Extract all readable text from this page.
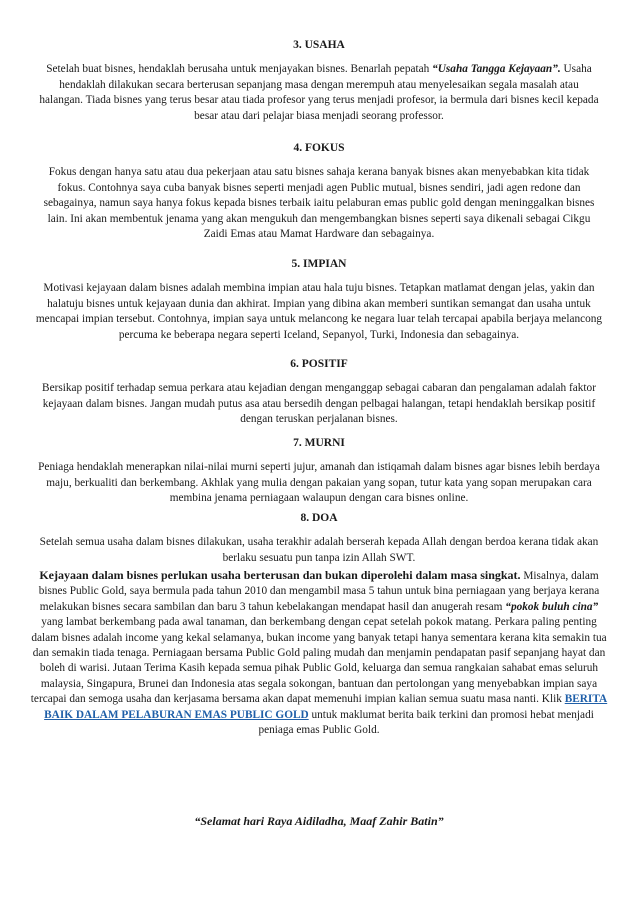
3. USAHA

Setelah buat bisnes, hendaklah berusaha untuk menjayakan bisnes. Benarlah pepatah “Usaha Tangga Kejayaan”. Usaha hendaklah dilakukan secara berterusan sepanjang masa dengan merempuh atau menyelesaikan segala masalah atau halangan. Tiada bisnes yang terus besar atau tiada profesor yang terus menjadi profesor, ia bermula dari bisnes kecil kepada besar atau dari pelajar biasa menjadi seorang professor.

4. FOKUS

Fokus dengan hanya satu atau dua pekerjaan atau satu bisnes sahaja kerana banyak bisnes akan menyebabkan kita tidak fokus. Contohnya saya cuba banyak bisnes seperti menjadi agen Public mutual, bisnes sendiri, jadi agen redone dan sebagainya, namun saya hanya fokus kepada bisnes terbaik iaitu pelaburan emas public gold dengan meninggalkan bisnes lain. Ini akan membentuk jenama yang akan mengukuh dan mengembangkan bisnes seperti saya dikenali sebagai Cikgu Zaidi Emas atau Mamat Hardware dan sebagainya.

5. IMPIAN

Motivasi kejayaan dalam bisnes adalah membina impian atau hala tuju bisnes. Tetapkan matlamat dengan jelas, yakin dan halatuju bisnes untuk kejayaan dunia dan akhirat. Impian yang dibina akan memberi suntikan semangat dan usaha untuk mencapai impian tersebut. Contohnya, impian saya untuk melancong ke negara luar telah tercapai apabila berjaya melancong percuma ke beberapa negara seperti Iceland, Sepanyol, Turki, Indonesia dan sebagainya.

6. POSITIF

Bersikap positif terhadap semua perkara atau kejadian dengan menganggap sebagai cabaran dan pengalaman adalah faktor kejayaan dalam bisnes. Jangan mudah putus asa atau bersedih dengan pelbagai halangan, tetapi hendaklah bersikap positif dengan teruskan perjalanan bisnes.

7. MURNI

Peniaga hendaklah menerapkan nilai-nilai murni seperti jujur, amanah dan istiqamah dalam bisnes agar bisnes lebih berdaya maju, berkualiti dan berkembang. Akhlak yang mulia dengan pakaian yang sopan, tutur kata yang sopan merupakan cara membina jenama perniagaan walaupun dengan cara bisnes online.

8. DOA

Setelah semua usaha dalam bisnes dilakukan, usaha terakhir adalah berserah kepada Allah dengan berdoa kerana tidak akan berlaku sesuatu pun tanpa izin Allah SWT.

Kejayaan dalam bisnes perlukan usaha berterusan dan bukan diperolehi dalam masa singkat. Misalnya, dalam bisnes Public Gold, saya bermula pada tahun 2010 dan mengambil masa 5 tahun untuk bina perniagaan yang berjaya kerana melakukan bisnes secara sambilan dan baru 3 tahun kebelakangan mendapat hasil dan anugerah resam “pokok buluh cina” yang lambat berkembang pada awal tanaman, dan berkembang dengan cepat setelah pokok matang. Perkara paling penting dalam bisnes adalah income yang kekal selamanya, bukan income yang banyak tetapi hanya sementara kerana kita semakin tua dan semakin tiada tenaga. Perniagaan bersama Public Gold paling mudah dan menjamin pendapatan pasif sepanjang hayat dan boleh di warisi. Jutaan Terima Kasih kepada semua pihak Public Gold, keluarga dan semua rangkaian sahabat emas seluruh malaysia, Singapura, Brunei dan Indonesia atas segala sokongan, bantuan dan pertolongan yang menyebabkan impian saya tercapai dan semoga usaha dan kerjasama bersama akan dapat memenuhi impian kalian semua suatu masa nanti. Klik BERITA BAIK DALAM PELABURAN EMAS PUBLIC GOLD untuk maklumat berita baik terkini dan promosi hebat menjadi peniaga emas Public Gold.

“Selamat hari Raya Aidiladha, Maaf Zahir Batin”
